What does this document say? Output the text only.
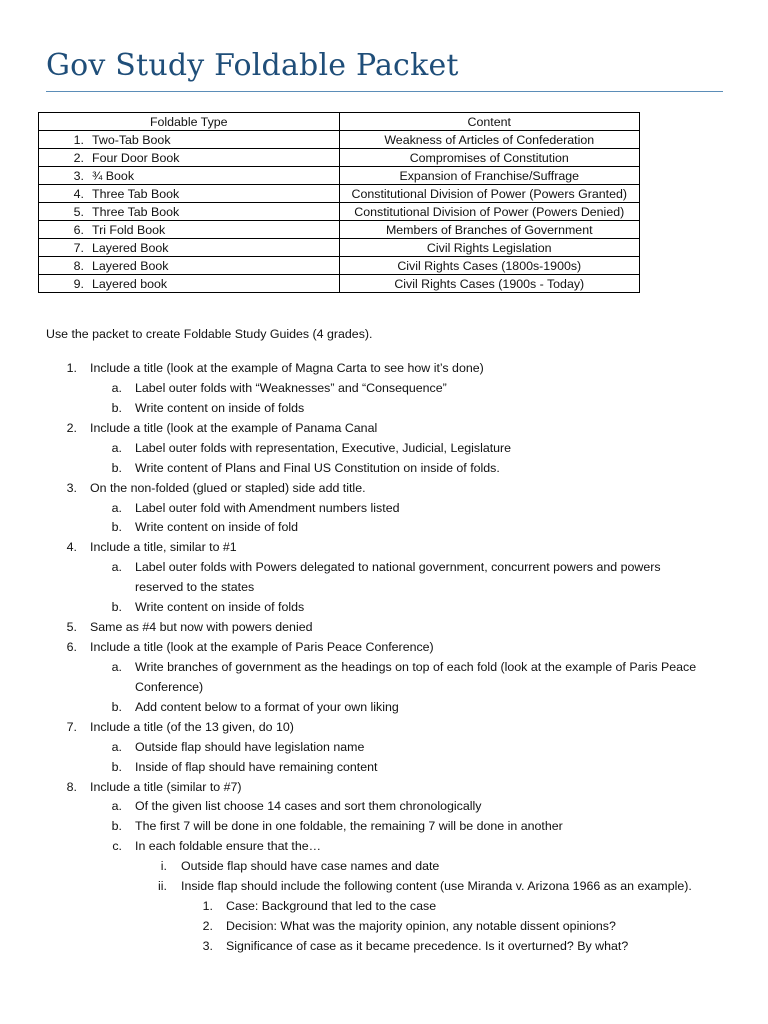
Gov Study Foldable Packet
Foldable Type	Content
1. Two-Tab Book	Weakness of Articles of Confederation
2. Four Door Book	Compromises of Constitution
3. ¾ Book	Expansion of Franchise/Suffrage
4. Three Tab Book	Constitutional Division of Power (Powers Granted)
5. Three Tab Book	Constitutional Division of Power (Powers Denied)
6. Tri Fold Book	Members of Branches of Government
7. Layered Book	Civil Rights Legislation
8. Layered Book	Civil Rights Cases (1800s-1900s)
9. Layered book	Civil Rights Cases (1900s - Today)
Use the packet to create Foldable Study Guides (4 grades).
1. Include a title (look at the example of Magna Carta to see how it’s done)
a. Label outer folds with “Weaknesses” and “Consequence”
b. Write content on inside of folds
2. Include a title (look at the example of Panama Canal
a. Label outer folds with representation, Executive, Judicial, Legislature
b. Write content of Plans and Final US Constitution on inside of folds.
3. On the non-folded (glued or stapled) side add title.
a. Label outer fold with Amendment numbers listed
b. Write content on inside of fold
4. Include a title, similar to #1
a. Label outer folds with Powers delegated to national government, concurrent powers and powers
reserved to the states
b. Write content on inside of folds
5. Same as #4 but now with powers denied
6. Include a title (look at the example of Paris Peace Conference)
a. Write branches of government as the headings on top of each fold (look at the example of Paris Peace
Conference)
b. Add content below to a format of your own liking
7. Include a title (of the 13 given, do 10)
a. Outside flap should have legislation name
b. Inside of flap should have remaining content
8. Include a title (similar to #7)
a. Of the given list choose 14 cases and sort them chronologically
b. The first 7 will be done in one foldable, the remaining 7 will be done in another
c. In each foldable ensure that the…
i. Outside flap should have case names and date
ii. Inside flap should include the following content (use Miranda v. Arizona 1966 as an example).
1. Case: Background that led to the case
2. Decision: What was the majority opinion, any notable dissent opinions?
3. Significance of case as it became precedence. Is it overturned? By what?
